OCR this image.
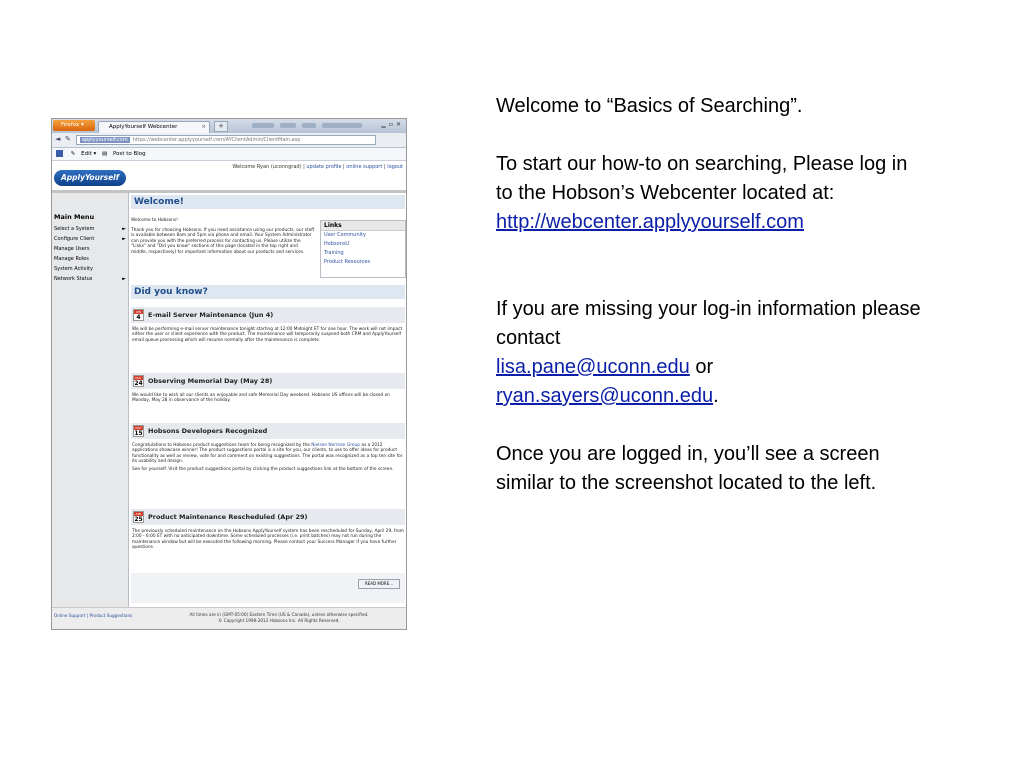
Firefox ▾	ApplyYourself Webcenter	×	+	▁▫✕
◄ ✎	applyyourself.com https://webcenter.applyyourself.com/AYClientAdmin/ClientMain.asp
✎ Edit ▾ ▤ Post to Blog
Welcome Ryan (uconngrad) | update profile | online support | logout
ApplyYourself
Main Menu
Select a System	►
Configure Client	►
Manage Users
Manage Roles
System Activity
Network Status	►
Welcome!
Welcome to Hobsons!
Thank you for choosing Hobsons. If you need assistance using our products, our staff is available between 8am and 5pm via phone and email. Your System Administrator can provide you with the preferred process for contacting us. Please utilize the "Links" and "Did you know" sections of this page (located in the top right and middle, respectively) for important information about our products and services.
Links
User Community
HobsonsU
Training
Product Resources
Did you know?
JUN
4	E-mail Server Maintenance (Jun 4)
We will be performing e-mail server maintenance tonight starting at 12:00 Midnight ET for one hour. The work will not impact either the user or client experience with the product. The maintenance will temporarily suspend both CRM and ApplyYourself email queue processing which will resume normally after the maintenance is complete.
MAY
24 Observing Memorial Day (May 28)
We would like to wish all our clients an enjoyable and safe Memorial Day weekend. Hobsons US offices will be closed on Monday, May 28 in observance of the holiday.
MAY
15 Hobsons Developers Recognized
Congratulations to Hobsons product suggestions team for being recognized by the Nielsen Norman Group as a 2012 applications showcase winner! The product suggestions portal is a site for you, our clients, to use to offer ideas for product functionality as well as review, vote for and comment on existing suggestions. The portal was recognized as a top ten site for its usability and design.
See for yourself. Visit the product suggestions portal by clicking the product suggestions link at the bottom of the screen.
APR
25 Product Maintenance Rescheduled (Apr 29)
The previously scheduled maintenance on the Hobsons ApplyYourself system has been rescheduled for Sunday, April 29, from 2:00 - 6:00 ET with no anticipated downtime. Some scheduled processes (i.e. print batches) may not run during the maintenance window but will be executed the following morning. Please contact your Success Manager if you have further questions.
READ MORE...
Online Support | Product Suggestions	All times are in (GMT-05:00) Eastern Time (US & Canada), unless otherwise specified.
© Copyright 1998-2012 Hobsons Inc. All Rights Reserved.

Welcome to “Basics of Searching”.

To start our how-to on searching, Please log in to the Hobson’s Webcenter located at:
http://webcenter.applyyourself.com

If you are missing your log-in information please contact
lisa.pane@uconn.edu or
ryan.sayers@uconn.edu.

Once you are logged in, you’ll see a screen similar to the screenshot located to the left.
